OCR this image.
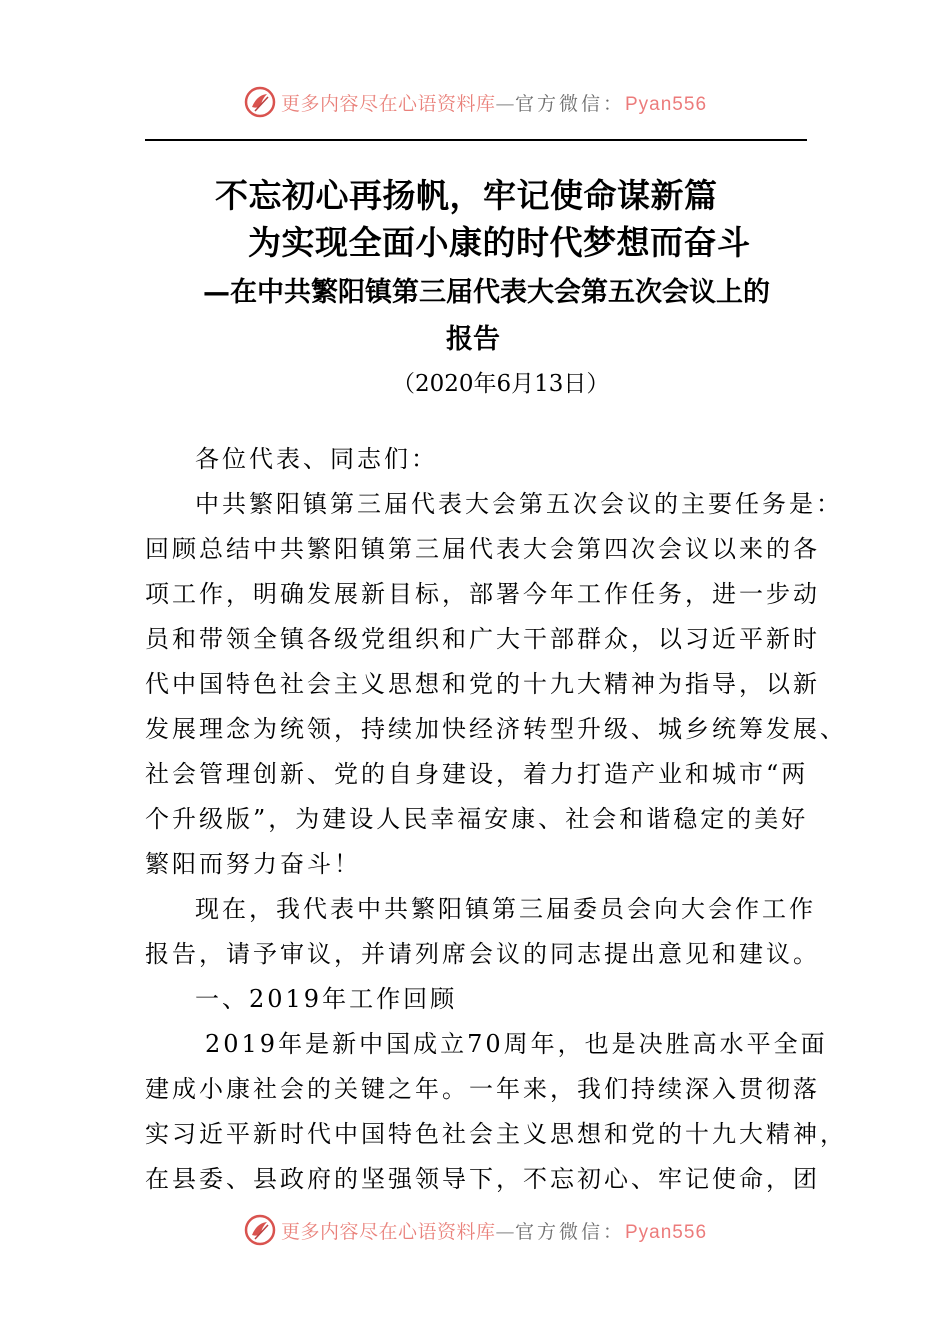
更多内容尽在心语资料库—官方微信：Pyan556
不忘初心再扬帆，牢记使命谋新篇
为实现全面小康的时代梦想而奋斗
—在中共繁阳镇第三届代表大会第五次会议上的
报告
（2020年6月13日）
各位代表、同志们：
中共繁阳镇第三届代表大会第五次会议的主要任务是：
回顾总结中共繁阳镇第三届代表大会第四次会议以来的各
项工作，明确发展新目标，部署今年工作任务，进一步动
员和带领全镇各级党组织和广大干部群众，以习近平新时
代中国特色社会主义思想和党的十九大精神为指导，以新
发展理念为统领，持续加快经济转型升级、城乡统筹发展、
社会管理创新、党的自身建设，着力打造产业和城市“两
个升级版”，为建设人民幸福安康、社会和谐稳定的美好
繁阳而努力奋斗！
现在，我代表中共繁阳镇第三届委员会向大会作工作
报告，请予审议，并请列席会议的同志提出意见和建议。
一、2019年工作回顾
2019年是新中国成立70周年，也是决胜高水平全面
建成小康社会的关键之年。一年来，我们持续深入贯彻落
实习近平新时代中国特色社会主义思想和党的十九大精神，
在县委、县政府的坚强领导下，不忘初心、牢记使命，团
更多内容尽在心语资料库—官方微信：Pyan556
